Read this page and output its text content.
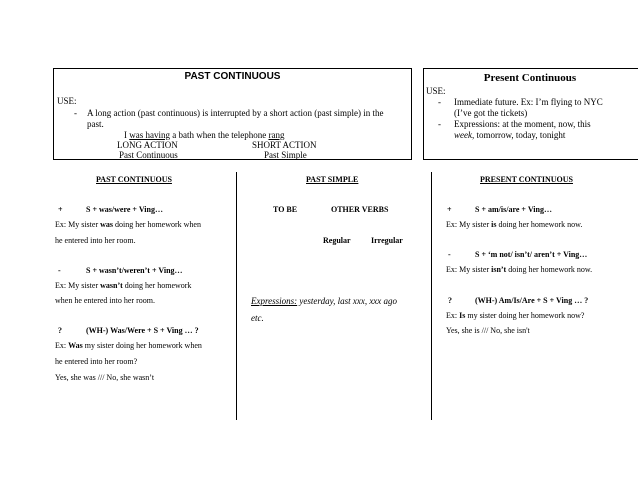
PAST CONTINUOUS
USE:
- A long action (past continuous) is interrupted by a short action (past simple) in the
past.
I was having a bath when the telephone rang
LONG ACTION	SHORT ACTION
Past Continuous	Past Simple
Present Continuous
USE:
- Immediate future. Ex: I’m flying to NYC
(I’ve got the tickets)
- Expressions: at the moment, now, this
week, tomorrow, today, tonight
PAST CONTINUOUS
+	S + was/were + Ving…
Ex: My sister was doing her homework when
he entered into her room.
-	S + wasn’t/weren’t + Ving…
Ex: My sister wasn’t doing her homework
when he entered into her room.
?	(WH-) Was/Were + S + Ving … ?
Ex: Was my sister doing her homework when
he entered into her room?
Yes, she was /// No, she wasn’t
PAST SIMPLE
TO BE	OTHER VERBS
Regular	Irregular
Expressions: yesterday, last xxx, xxx ago
etc.
PRESENT CONTINUOUS
+	S + am/is/are + Ving…
Ex: My sister is doing her homework now.
-	S + ‘m not/ isn’t/ aren’t + Ving…
Ex: My sister isn’t doing her homework now.
?	(WH-) Am/Is/Are + S + Ving … ?
Ex: Is my sister doing her homework now?
Yes, she is /// No, she isn't
